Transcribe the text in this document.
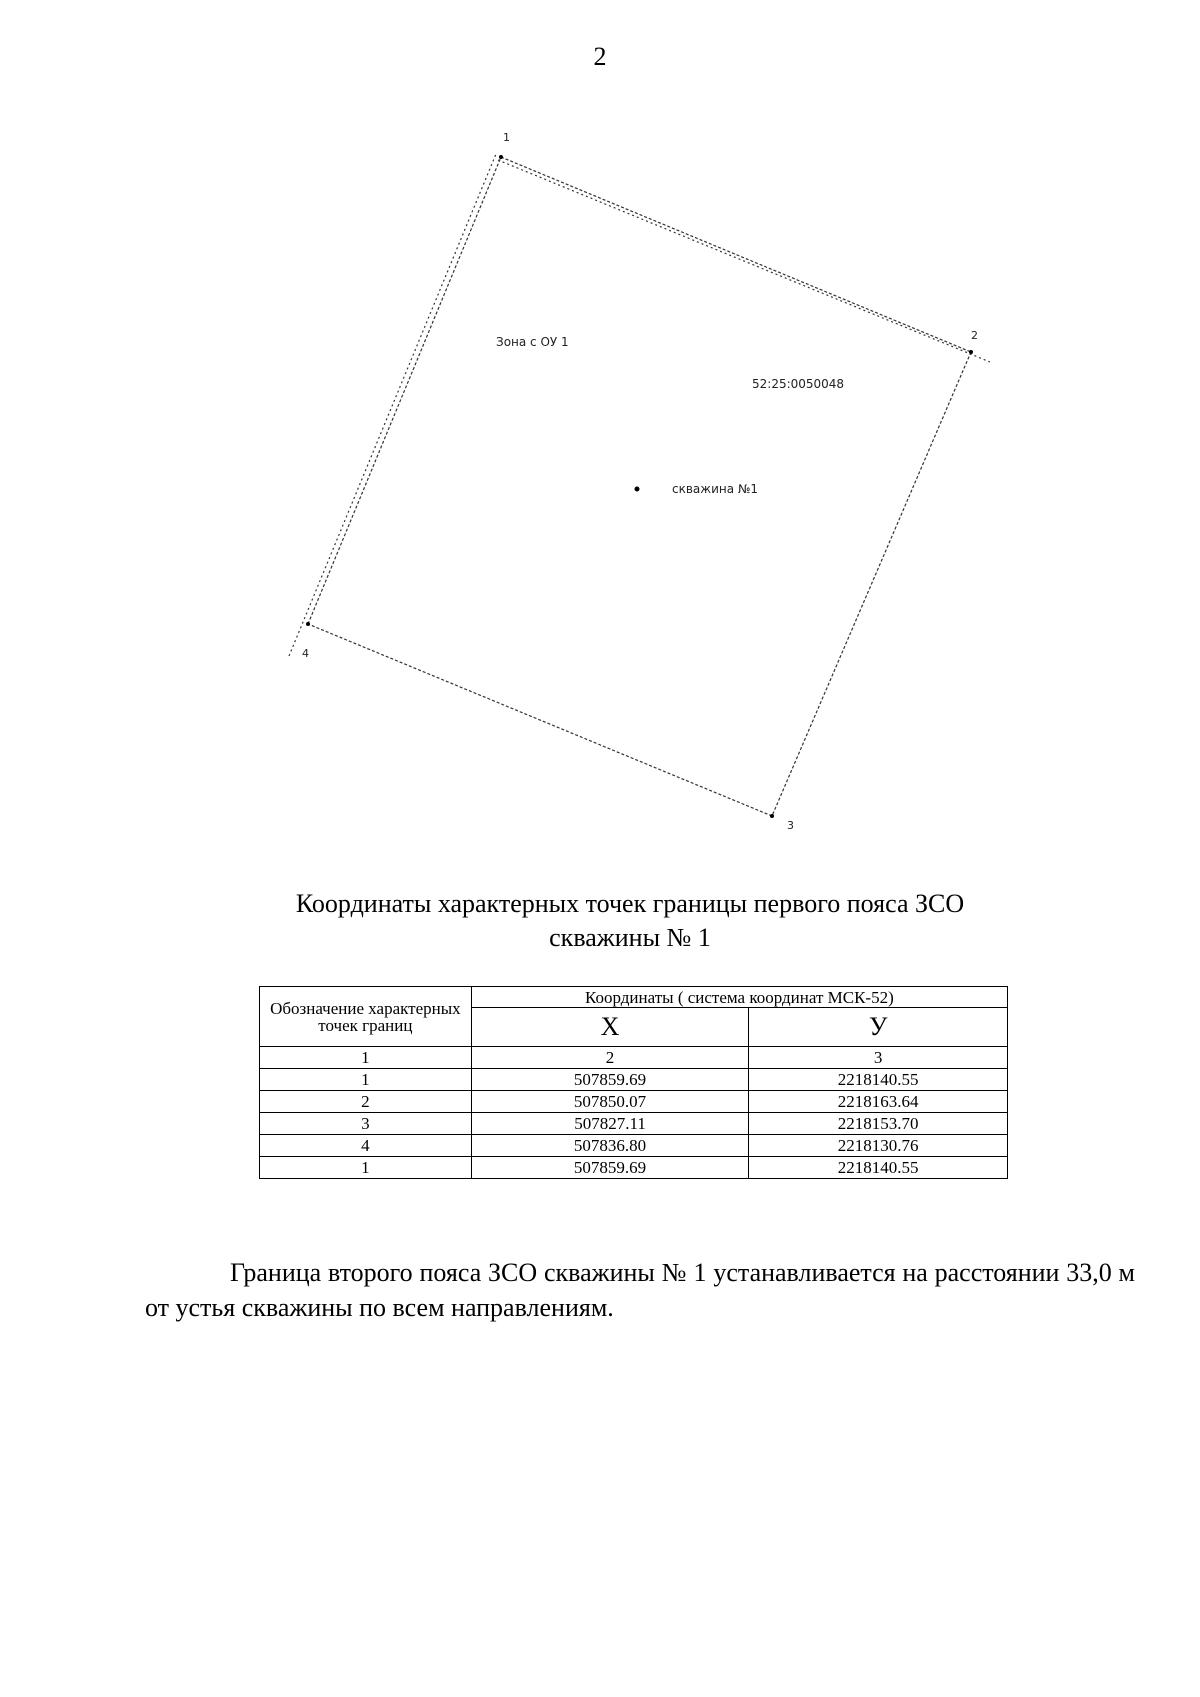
2
1
2
3
4
Зона с ОУ 1
52:25:0050048
скважина №1
Координаты характерных точек границы первого пояса ЗСО
скважины № 1
Обозначение характерных точек границ	Координаты ( система координат МСК-52)	
	X	У
1	2	3
1	507859.69	2218140.55
2	507850.07	2218163.64
3	507827.11	2218153.70
4	507836.80	2218130.76
1	507859.69	2218140.55
Граница второго пояса ЗСО скважины № 1 устанавливается на расстоянии 33,0 м от устья скважины по всем направлениям.
